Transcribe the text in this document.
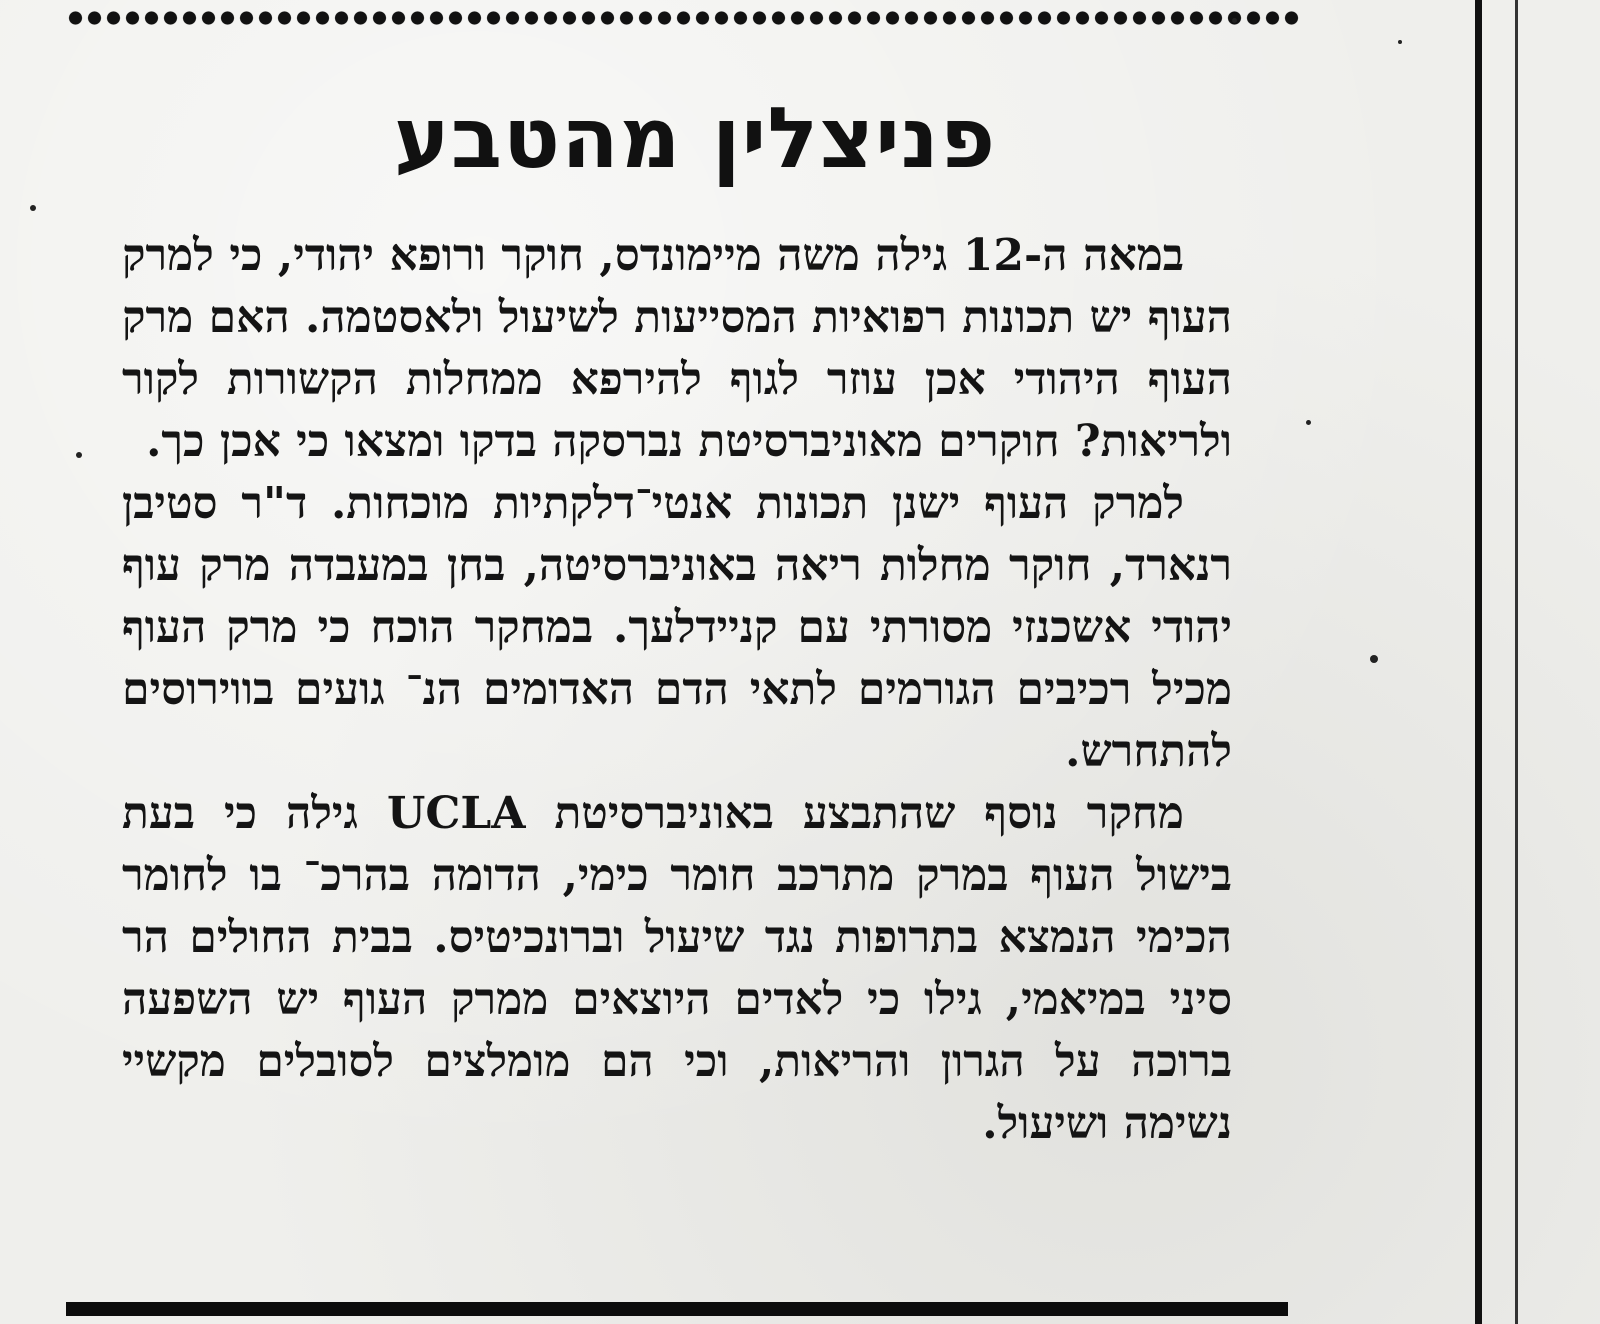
פניצלין מהטבע

במאה ה-12 גילה משה מיימונדס, חוקר ורופא יהודי, כי למרק העוף יש תכונות רפואיות המסייעות לשיעול ולאסטמה. האם מרק העוף היהודי אכן עוזר לגוף להירפא ממחלות הקשורות לקור ולריאות? חוקרים מאוניברסיטת נברסקה בדקו ומצאו כי אכן כך.

למרק העוף ישנן תכונות אנטי־דלקתיות מוכחות. ד"ר סטיבן רנארד, חוקר מחלות ריאה באוניברסיטה, בחן במעבדה מרק עוף יהודי אשכנזי מסורתי עם קניידלעך. במחקר הוכח כי מרק העוף מכיל רכיבים הגורמים לתאי הדם האדומים הנ־ גועים בווירוסים להתחרש.

מחקר נוסף שהתבצע באוניברסיטת UCLA גילה כי בעת בישול העוף במרק מתרכב חומר כימי, הדומה בהרכ־ בו לחומר הכימי הנמצא בתרופות נגד שיעול וברונכיטיס. בבית החולים הר סיני במיאמי, גילו כי לאדים היוצאים ממרק העוף יש השפעה ברוכה על הגרון והריאות, וכי הם מומלצים לסובלים מקשיי נשימה ושיעול.
